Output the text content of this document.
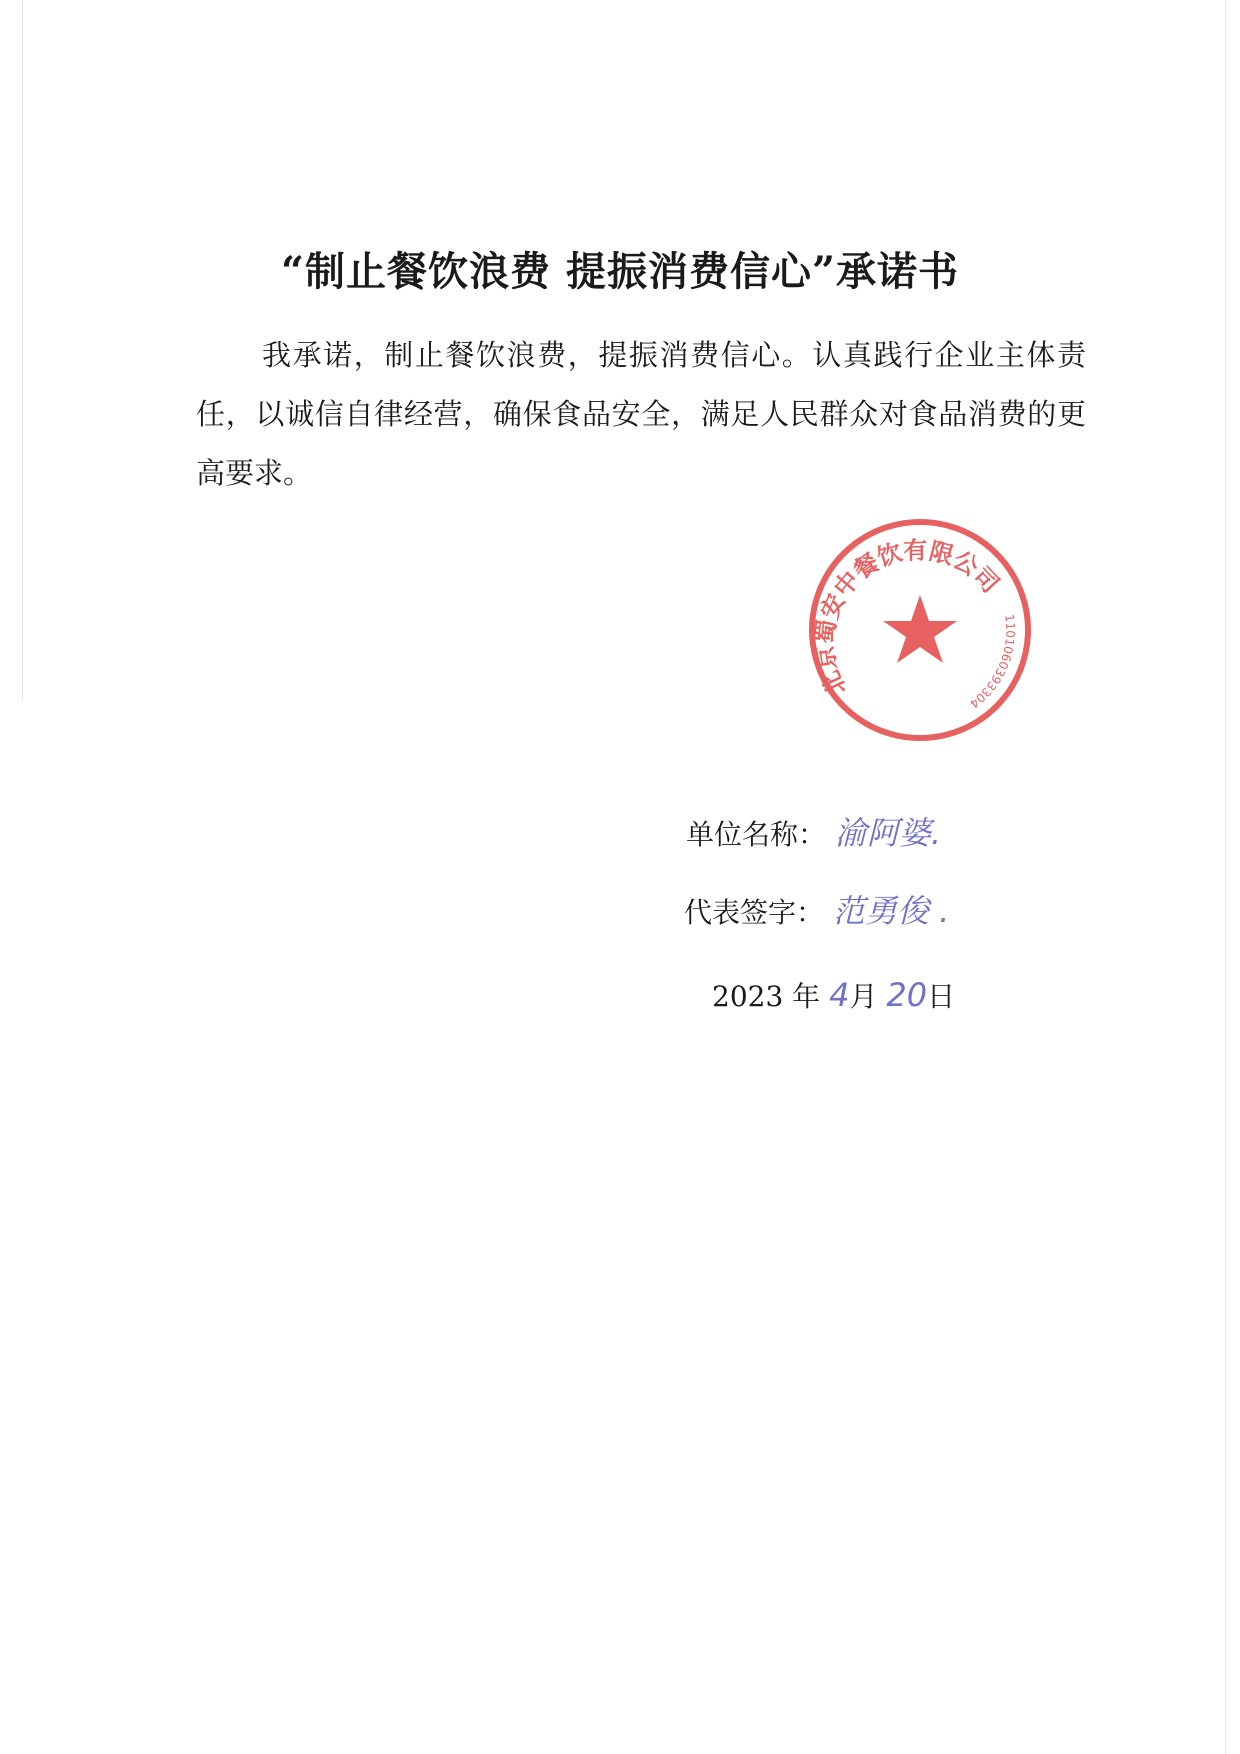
“制止餐饮浪费 提振消费信心”承诺书
我承诺，制止餐饮浪费，提振消费信心。认真践行企业主体责任，以诚信自律经营，确保食品安全，满足人民群众对食品消费的更高要求。
北京蜀安中餐饮有限公司
1101060393304
单位名称： 渝阿婆.
代表签字： 范勇俊 .
2023 年 4月 20日
